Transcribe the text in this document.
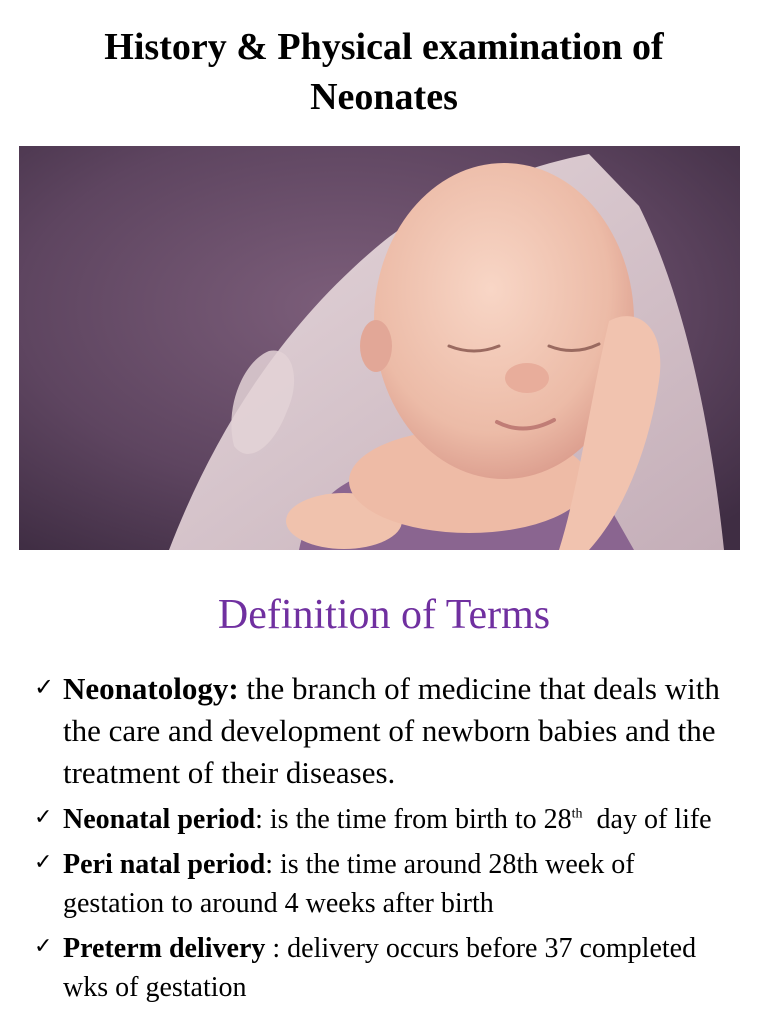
History & Physical examination of
Neonates
Definition of Terms
✓ Neonatology: the branch of medicine that deals with the care and development of newborn babies and the treatment of their diseases.
✓ Neonatal period: is the time from birth to 28th  day of life
✓ Peri natal period: is the time around 28th week of gestation to around 4 weeks after birth
✓ Preterm delivery : delivery occurs before 37 completed wks of gestation
